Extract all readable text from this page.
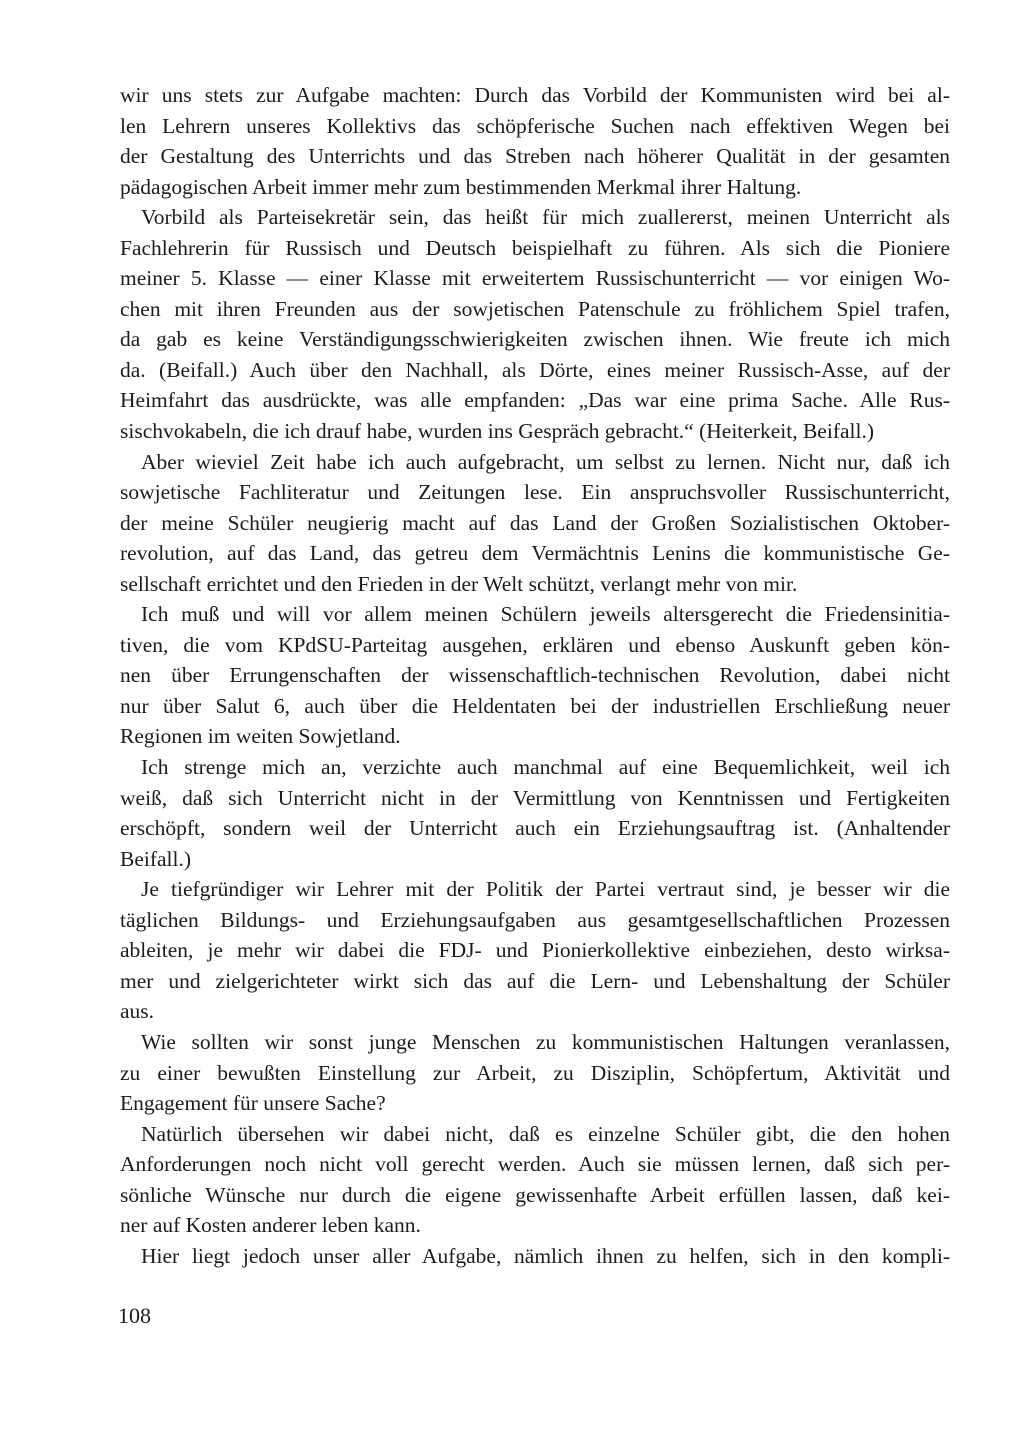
wir uns stets zur Aufgabe machten: Durch das Vorbild der Kommunisten wird bei al-
len Lehrern unseres Kollektivs das schöpferische Suchen nach effektiven Wegen bei
der Gestaltung des Unterrichts und das Streben nach höherer Qualität in der gesamten
pädagogischen Arbeit immer mehr zum bestimmenden Merkmal ihrer Haltung.
Vorbild als Parteisekretär sein, das heißt für mich zuallererst, meinen Unterricht als
Fachlehrerin für Russisch und Deutsch beispielhaft zu führen. Als sich die Pioniere
meiner 5. Klasse — einer Klasse mit erweitertem Russischunterricht — vor einigen Wo-
chen mit ihren Freunden aus der sowjetischen Patenschule zu fröhlichem Spiel trafen,
da gab es keine Verständigungsschwierigkeiten zwischen ihnen. Wie freute ich mich
da. (Beifall.) Auch über den Nachhall, als Dörte, eines meiner Russisch-Asse, auf der
Heimfahrt das ausdrückte, was alle empfanden: „Das war eine prima Sache. Alle Rus-
sischvokabeln, die ich drauf habe, wurden ins Gespräch gebracht.“ (Heiterkeit, Beifall.)
Aber wieviel Zeit habe ich auch aufgebracht, um selbst zu lernen. Nicht nur, daß ich
sowjetische Fachliteratur und Zeitungen lese. Ein anspruchsvoller Russischunterricht,
der meine Schüler neugierig macht auf das Land der Großen Sozialistischen Oktober-
revolution, auf das Land, das getreu dem Vermächtnis Lenins die kommunistische Ge-
sellschaft errichtet und den Frieden in der Welt schützt, verlangt mehr von mir.
Ich muß und will vor allem meinen Schülern jeweils altersgerecht die Friedensinitia-
tiven, die vom KPdSU-Parteitag ausgehen, erklären und ebenso Auskunft geben kön-
nen über Errungenschaften der wissenschaftlich-technischen Revolution, dabei nicht
nur über Salut 6, auch über die Heldentaten bei der industriellen Erschließung neuer
Regionen im weiten Sowjetland.
Ich strenge mich an, verzichte auch manchmal auf eine Bequemlichkeit, weil ich
weiß, daß sich Unterricht nicht in der Vermittlung von Kenntnissen und Fertigkeiten
erschöpft, sondern weil der Unterricht auch ein Erziehungsauftrag ist. (Anhaltender
Beifall.)
Je tiefgründiger wir Lehrer mit der Politik der Partei vertraut sind, je besser wir die
täglichen Bildungs- und Erziehungsaufgaben aus gesamtgesellschaftlichen Prozessen
ableiten, je mehr wir dabei die FDJ- und Pionierkollektive einbeziehen, desto wirksa-
mer und zielgerichteter wirkt sich das auf die Lern- und Lebenshaltung der Schüler
aus.
Wie sollten wir sonst junge Menschen zu kommunistischen Haltungen veranlassen,
zu einer bewußten Einstellung zur Arbeit, zu Disziplin, Schöpfertum, Aktivität und
Engagement für unsere Sache?
Natürlich übersehen wir dabei nicht, daß es einzelne Schüler gibt, die den hohen
Anforderungen noch nicht voll gerecht werden. Auch sie müssen lernen, daß sich per-
sönliche Wünsche nur durch die eigene gewissenhafte Arbeit erfüllen lassen, daß kei-
ner auf Kosten anderer leben kann.
Hier liegt jedoch unser aller Aufgabe, nämlich ihnen zu helfen, sich in den kompli-
108
